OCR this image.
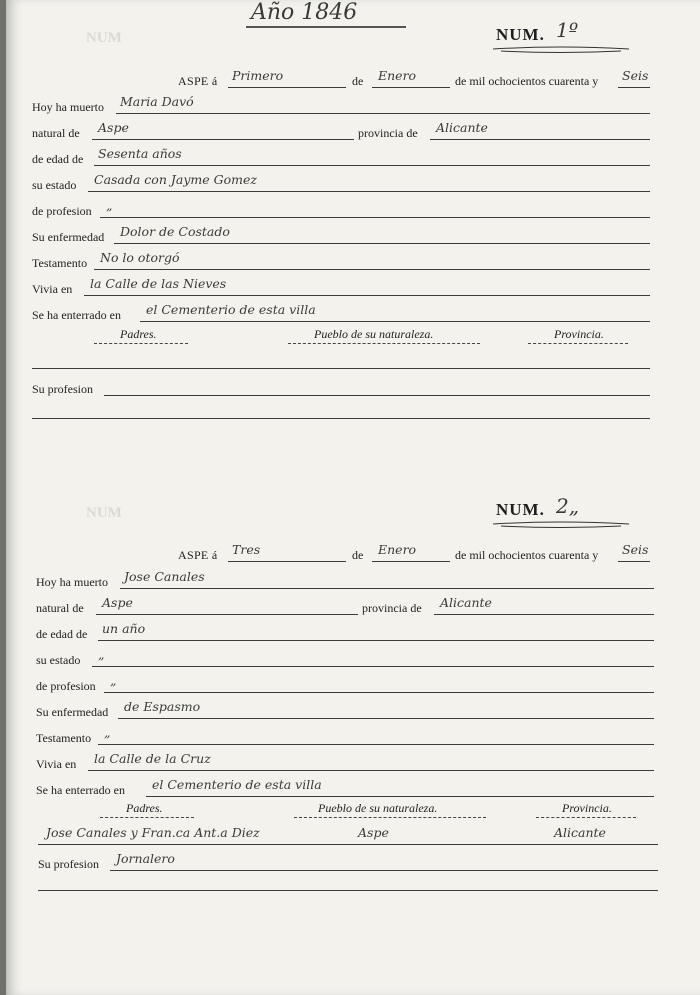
NUM
NUM
Año 1846
NUM. 1º
ASPE á Primero	de Enero	de mil ochocientos cuarenta y Seis
Hoy ha muerto Maria Davó
natural de Aspe	provincia de Alicante
de edad de Sesenta años
su estado Casada con Jayme Gomez
de profesion „
Su enfermedad Dolor de Costado
Testamento No lo otorgó
Vivia en la Calle de las Nieves
Se ha enterrado en el Cementerio de esta villa
Padres.	Pueblo de su naturaleza.	Provincia.
Su profesion
NUM. 2„
ASPE á Tres	de Enero	de mil ochocientos cuarenta y Seis
Hoy ha muerto Jose Canales
natural de Aspe	provincia de Alicante
de edad de un año
su estado „
de profesion „
Su enfermedad de Espasmo
Testamento „
Vivia en la Calle de la Cruz
Se ha enterrado en el Cementerio de esta villa
Padres.	Pueblo de su naturaleza.	Provincia.
Jose Canales y Fran.ca Ant.a Diez	Aspe	Alicante
Su profesion Jornalero
